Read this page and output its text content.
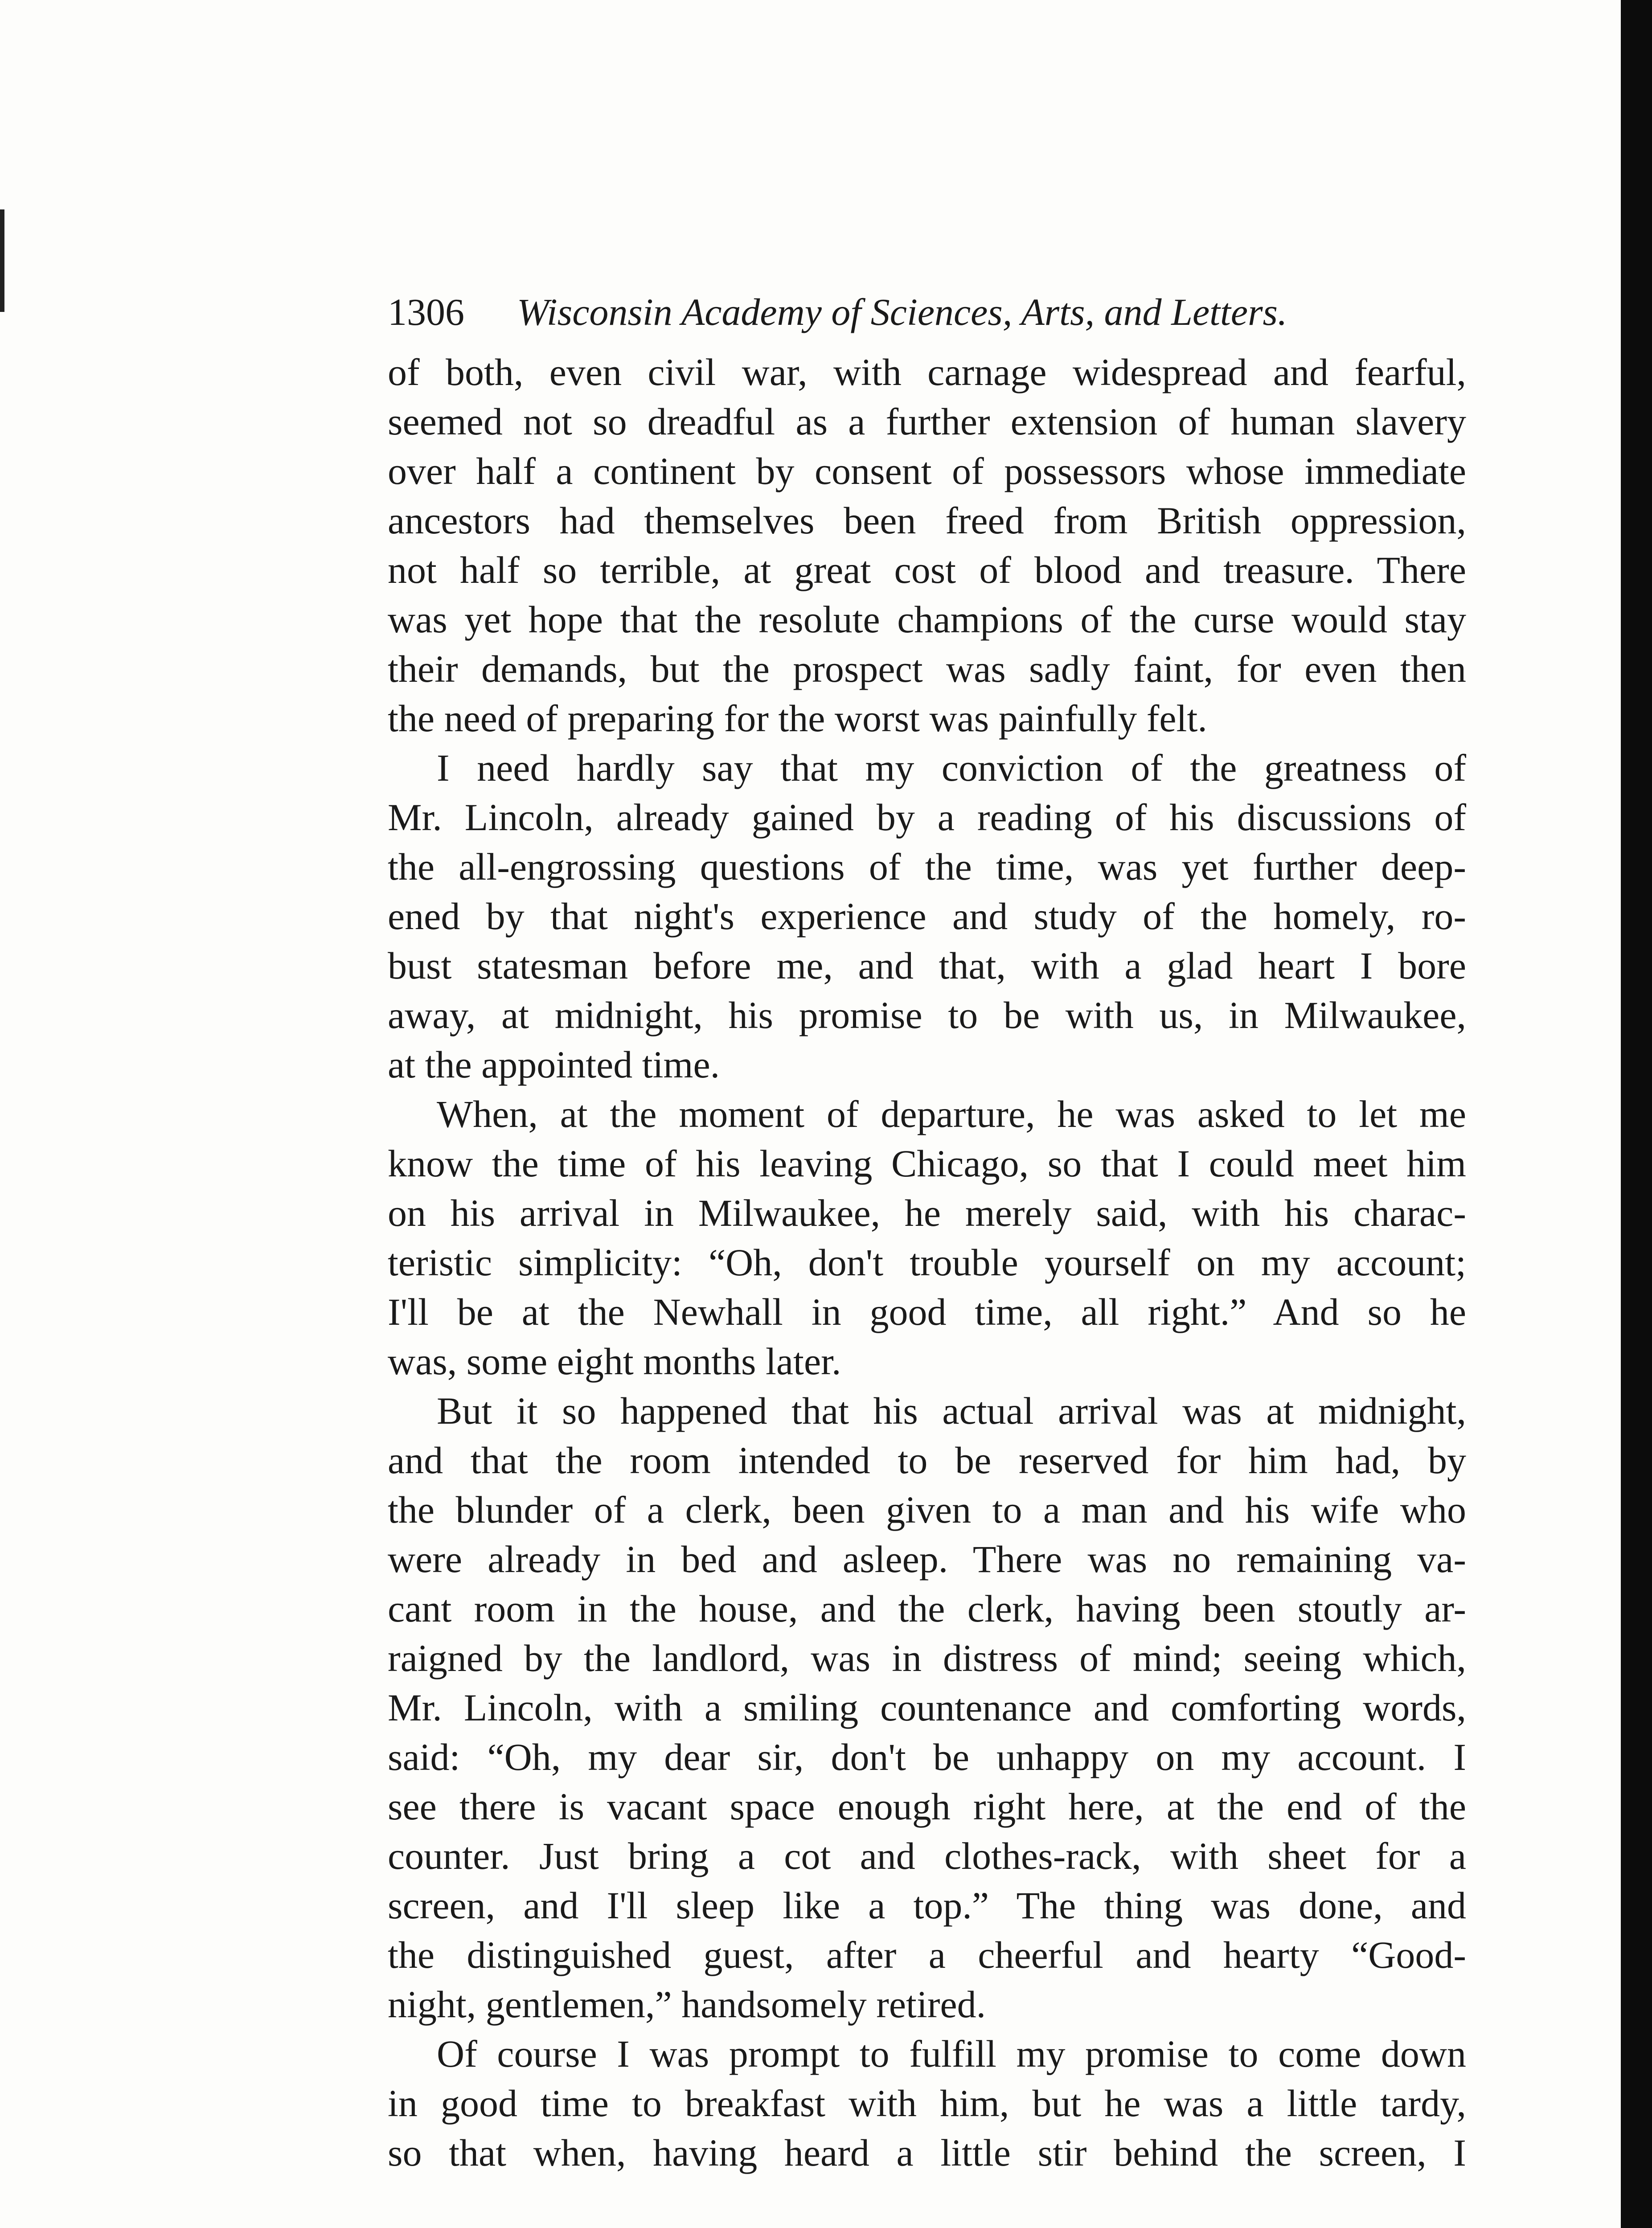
1306 Wisconsin Academy of Sciences, Arts, and Letters.
of both, even civil war, with carnage widespread and fearful,
seemed not so dreadful as a further extension of human slavery
over half a continent by consent of possessors whose immediate
ancestors had themselves been freed from British oppression,
not half so terrible, at great cost of blood and treasure. There
was yet hope that the resolute champions of the curse would stay
their demands, but the prospect was sadly faint, for even then
the need of preparing for the worst was painfully felt.
I need hardly say that my conviction of the greatness of
Mr. Lincoln, already gained by a reading of his discussions of
the all-engrossing questions of the time, was yet further deep-
ened by that night's experience and study of the homely, ro-
bust statesman before me, and that, with a glad heart I bore
away, at midnight, his promise to be with us, in Milwaukee,
at the appointed time.
When, at the moment of departure, he was asked to let me
know the time of his leaving Chicago, so that I could meet him
on his arrival in Milwaukee, he merely said, with his charac-
teristic simplicity: “Oh, don't trouble yourself on my account;
I'll be at the Newhall in good time, all right.” And so he
was, some eight months later.
But it so happened that his actual arrival was at midnight,
and that the room intended to be reserved for him had, by
the blunder of a clerk, been given to a man and his wife who
were already in bed and asleep. There was no remaining va-
cant room in the house, and the clerk, having been stoutly ar-
raigned by the landlord, was in distress of mind; seeing which,
Mr. Lincoln, with a smiling countenance and comforting words,
said: “Oh, my dear sir, don't be unhappy on my account. I
see there is vacant space enough right here, at the end of the
counter. Just bring a cot and clothes-rack, with sheet for a
screen, and I'll sleep like a top.” The thing was done, and
the distinguished guest, after a cheerful and hearty “Good-
night, gentlemen,” handsomely retired.
Of course I was prompt to fulfill my promise to come down
in good time to breakfast with him, but he was a little tardy,
so that when, having heard a little stir behind the screen, I
